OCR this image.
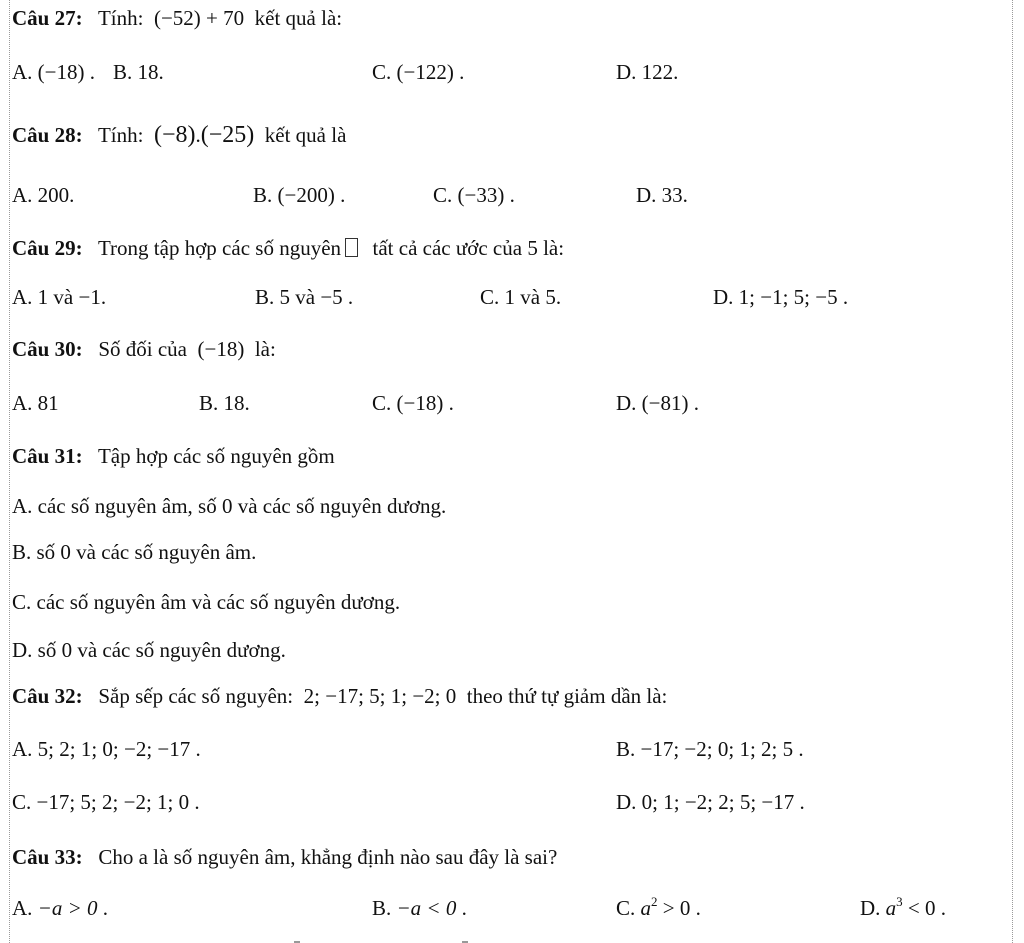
Câu 27: Tính: (−52) + 70 kết quả là:
A. (−18) . B. 18.	C. (−122) .	D. 122.
Câu 28: Tính: (−8).(−25) kết quả là
A. 200.	B. (−200) .	C. (−33) .	D. 33.
Câu 29: Trong tập hợp các số nguyên tất cả các ước của 5 là:
A. 1 và −1.	B. 5 và −5 .	C. 1 và 5.	D. 1; −1; 5; −5 .
Câu 30: Số đối của (−18) là:
A. 81	B. 18.	C. (−18) .	D. (−81) .
Câu 31: Tập hợp các số nguyên gồm
A. các số nguyên âm, số 0 và các số nguyên dương.
B. số 0 và các số nguyên âm.
C. các số nguyên âm và các số nguyên dương.
D. số 0 và các số nguyên dương.
Câu 32: Sắp sếp các số nguyên: 2; −17; 5; 1; −2; 0 theo thứ tự giảm dần là:
A. 5; 2; 1; 0; −2; −17 .	B. −17; −2; 0; 1; 2; 5 .
C. −17; 5; 2; −2; 1; 0 .	D. 0; 1; −2; 2; 5; −17 .
Câu 33: Cho a là số nguyên âm, khẳng định nào sau đây là sai?
A. −a > 0 .	B. −a < 0 .	C. $a^2 > 0$ .	D. $a^3 < 0$ .
